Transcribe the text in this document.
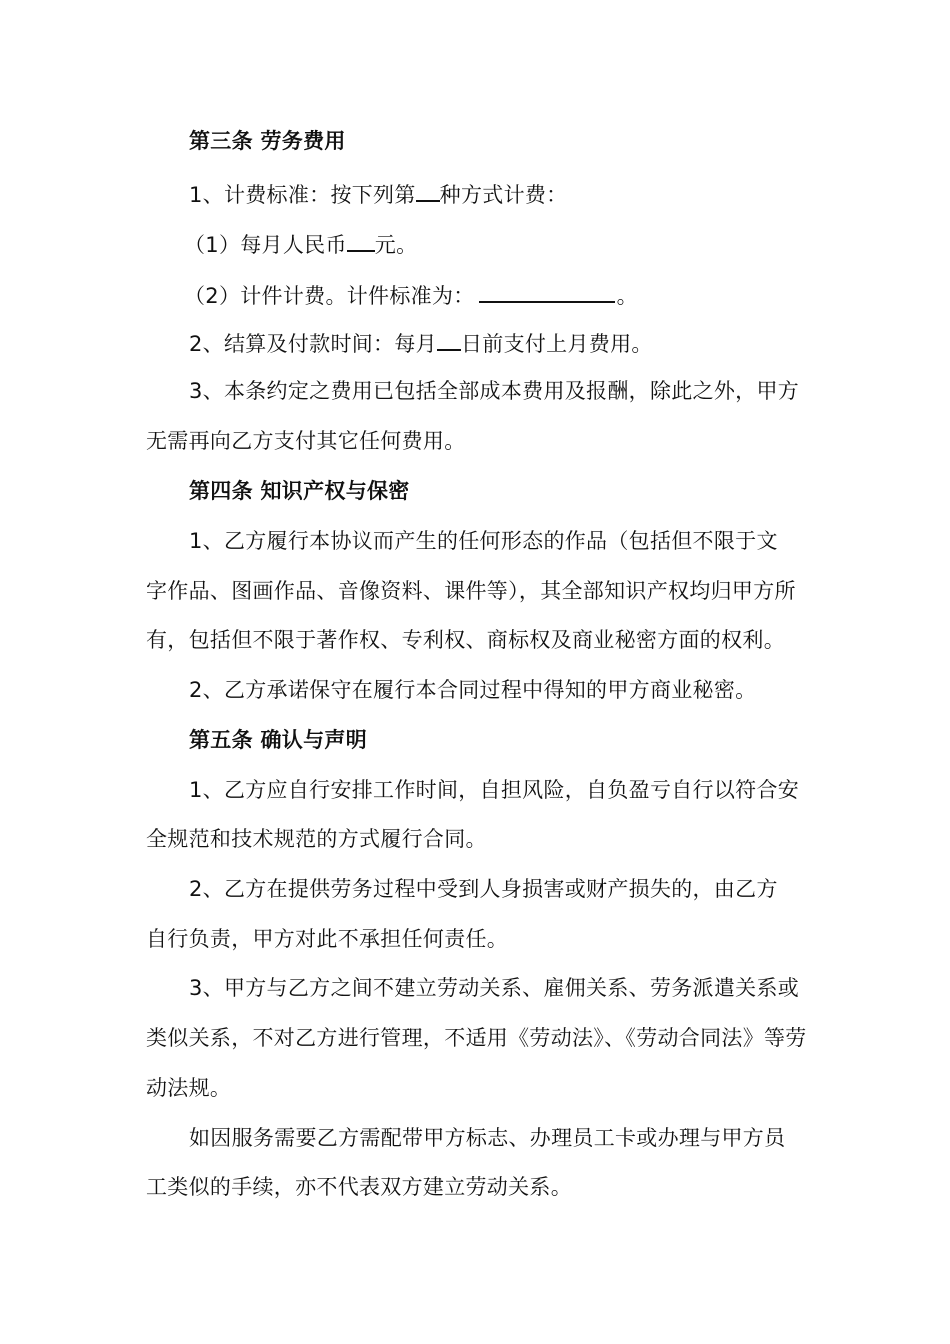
第三条 劳务费用
1、计费标准：按下列第 种方式计费：
（1）每月人民币 元。
（2）计件计费。计件标准为：	。
2、结算及付款时间：每月 日前支付上月费用。
3、本条约定之费用已包括全部成本费用及报酬，除此之外，甲方
无需再向乙方支付其它任何费用。
第四条 知识产权与保密
1、乙方履行本协议而产生的任何形态的作品（包括但不限于文
字作品、图画作品、音像资料、课件等），其全部知识产权均归甲方所
有，包括但不限于著作权、专利权、商标权及商业秘密方面的权利。
2、乙方承诺保守在履行本合同过程中得知的甲方商业秘密。
第五条 确认与声明
1、乙方应自行安排工作时间，自担风险，自负盈亏自行以符合安
全规范和技术规范的方式履行合同。
2、乙方在提供劳务过程中受到人身损害或财产损失的，由乙方
自行负责，甲方对此不承担任何责任。
3、甲方与乙方之间不建立劳动关系、雇佣关系、劳务派遣关系或
类似关系，不对乙方进行管理，不适用《劳动法》、《劳动合同法》等劳
动法规。
如因服务需要乙方需配带甲方标志、办理员工卡或办理与甲方员
工类似的手续，亦不代表双方建立劳动关系。
